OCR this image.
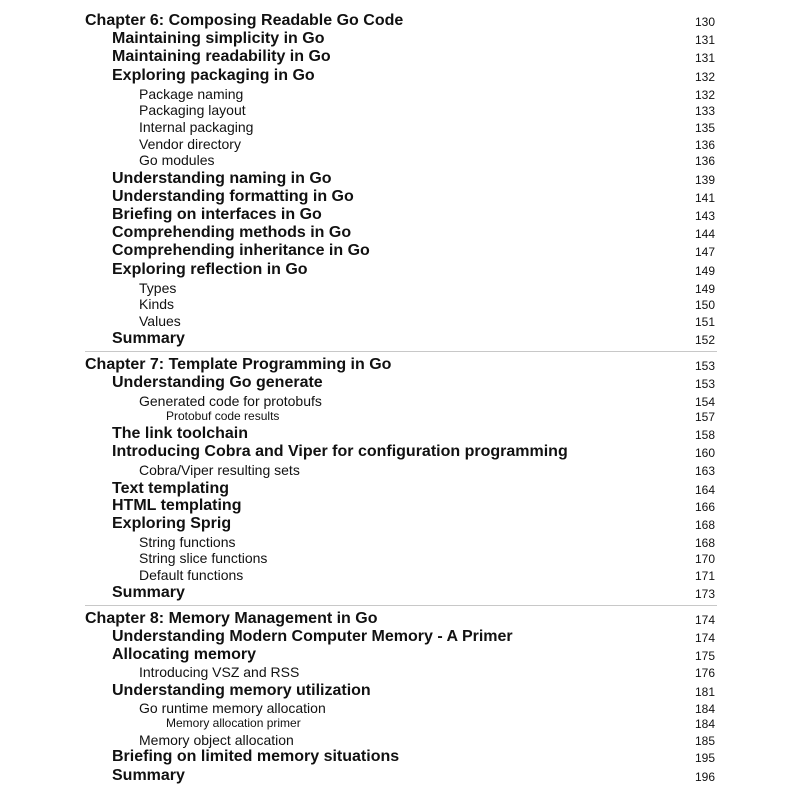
Chapter 6: Composing Readable Go Code	130
Maintaining simplicity in Go	131
Maintaining readability in Go	131
Exploring packaging in Go	132
Package naming	132
Packaging layout	133
Internal packaging	135
Vendor directory	136
Go modules	136
Understanding naming in Go	139
Understanding formatting in Go	141
Briefing on interfaces in Go	143
Comprehending methods in Go	144
Comprehending inheritance in Go	147
Exploring reflection in Go	149
Types	149
Kinds	150
Values	151
Summary	152
Chapter 7: Template Programming in Go	153
Understanding Go generate	153
Generated code for protobufs	154
Protobuf code results	157
The link toolchain	158
Introducing Cobra and Viper for configuration programming	160
Cobra/Viper resulting sets	163
Text templating	164
HTML templating	166
Exploring Sprig	168
String functions	168
String slice functions	170
Default functions	171
Summary	173
Chapter 8: Memory Management in Go	174
Understanding Modern Computer Memory - A Primer	174
Allocating memory	175
Introducing VSZ and RSS	176
Understanding memory utilization	181
Go runtime memory allocation	184
Memory allocation primer	184
Memory object allocation	185
Briefing on limited memory situations	195
Summary	196
